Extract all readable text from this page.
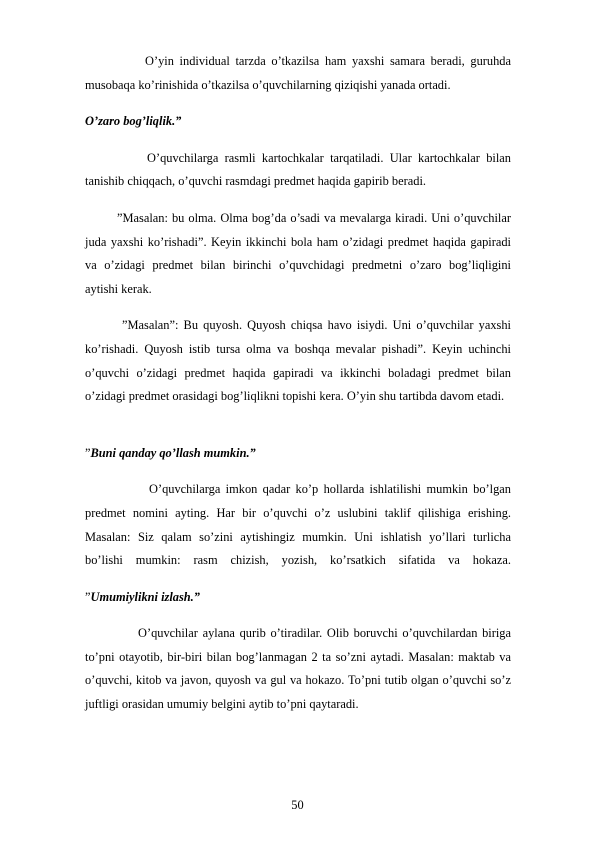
O’yin individual tarzda o’tkazilsa ham yaxshi samara beradi, guruhda musobaqa ko’rinishida o’tkazilsa o’quvchilarning qiziqishi yanada ortadi.

O’zaro bog’liqlik.”

O’quvchilarga rasmli kartochkalar tarqatiladi. Ular kartochkalar bilan tanishib chiqqach, o’quvchi rasmdagi predmet haqida gapirib beradi.

”Masalan: bu olma. Olma bog’da o’sadi va mevalarga kiradi. Uni o’quvchilar juda yaxshi ko’rishadi”. Keyin ikkinchi bola ham o’zidagi predmet haqida gapiradi va o’zidagi predmet bilan birinchi o’quvchidagi predmetni o’zaro bog’liqligini aytishi kerak.

”Masalan”: Bu quyosh. Quyosh chiqsa havo isiydi. Uni o’quvchilar yaxshi ko’rishadi. Quyosh istib tursa olma va boshqa mevalar pishadi”. Keyin uchinchi o’quvchi o’zidagi predmet haqida gapiradi va ikkinchi boladagi predmet bilan o’zidagi predmet orasidagi bog’liqlikni topishi kera. O’yin shu tartibda davom etadi.

”Buni qanday qo’llash mumkin.”

O’quvchilarga imkon qadar ko’p hollarda ishlatilishi mumkin bo’lgan predmet nomini ayting. Har bir o’quvchi o’z uslubini taklif qilishiga erishing. Masalan: Siz qalam so’zini aytishingiz mumkin. Uni ishlatish yo’llari turlicha bo’lishi mumkin: rasm chizish, yozish, ko’rsatkich sifatida va hokaza.

”Umumiylikni izlash.”

O’quvchilar aylana qurib o’tiradilar. Olib boruvchi o’quvchilardan biriga to’pni otayotib, bir-biri bilan bog’lanmagan 2 ta so’zni aytadi. Masalan: maktab va o’quvchi, kitob va javon, quyosh va gul va hokazo. To’pni tutib olgan o’quvchi so’z juftligi orasidan umumiy belgini aytib to’pni qaytaradi.

50
